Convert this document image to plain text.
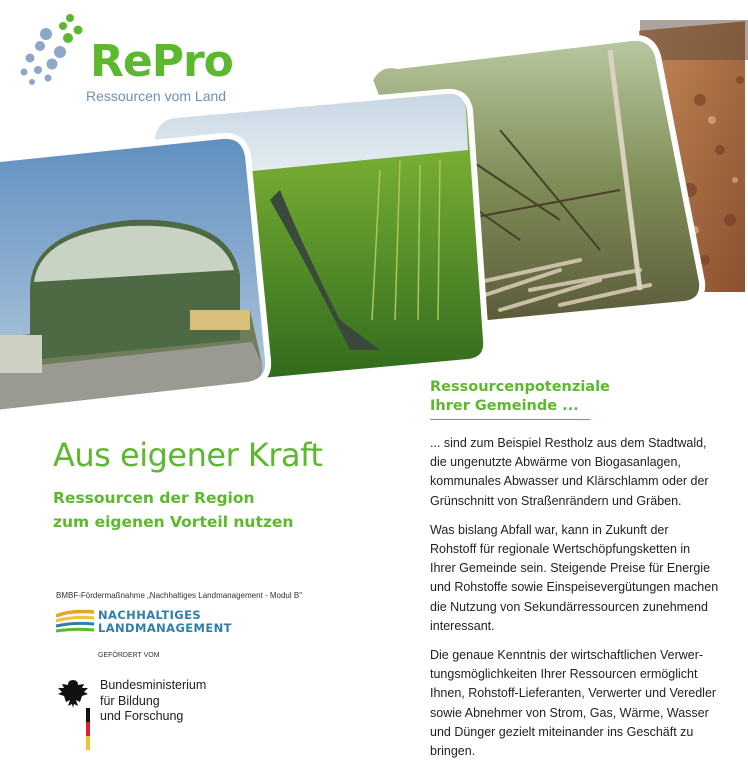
RePro
Ressourcen vom Land
Ressourcenpotenziale
Ihrer Gemeinde ...

... sind zum Beispiel Restholz aus dem Stadtwald,
die ungenutzte Abwärme von Biogasanlagen,
kommunales Abwasser und Klärschlamm oder der
Grünschnitt von Straßenrändern und Gräben.

Was bislang Abfall war, kann in Zukunft der
Rohstoff für regionale Wertschöpfungsketten in
Ihrer Gemeinde sein. Steigende Preise für Energie
und Rohstoffe sowie Einspeisevergütungen machen
die Nutzung von Sekundärressourcen zunehmend
interessant.

Die genaue Kenntnis der wirtschaftlichen Verwer-
tungsmöglichkeiten Ihrer Ressourcen ermöglicht
Ihnen, Rohstoff-Lieferanten, Verwerter und Veredler
sowie Abnehmer von Strom, Gas, Wärme, Wasser
und Dünger gezielt miteinander ins Geschäft zu
bringen.

Aus eigener Kraft
Ressourcen der Region
zum eigenen Vorteil nutzen
BMBF-Fördermaßnahme „Nachhaltiges Landmanagement - Modul B"
NACHHALTIGES
LANDMANAGEMENT
GEFÖRDERT VOM
Bundesministerium
für Bildung
und Forschung
